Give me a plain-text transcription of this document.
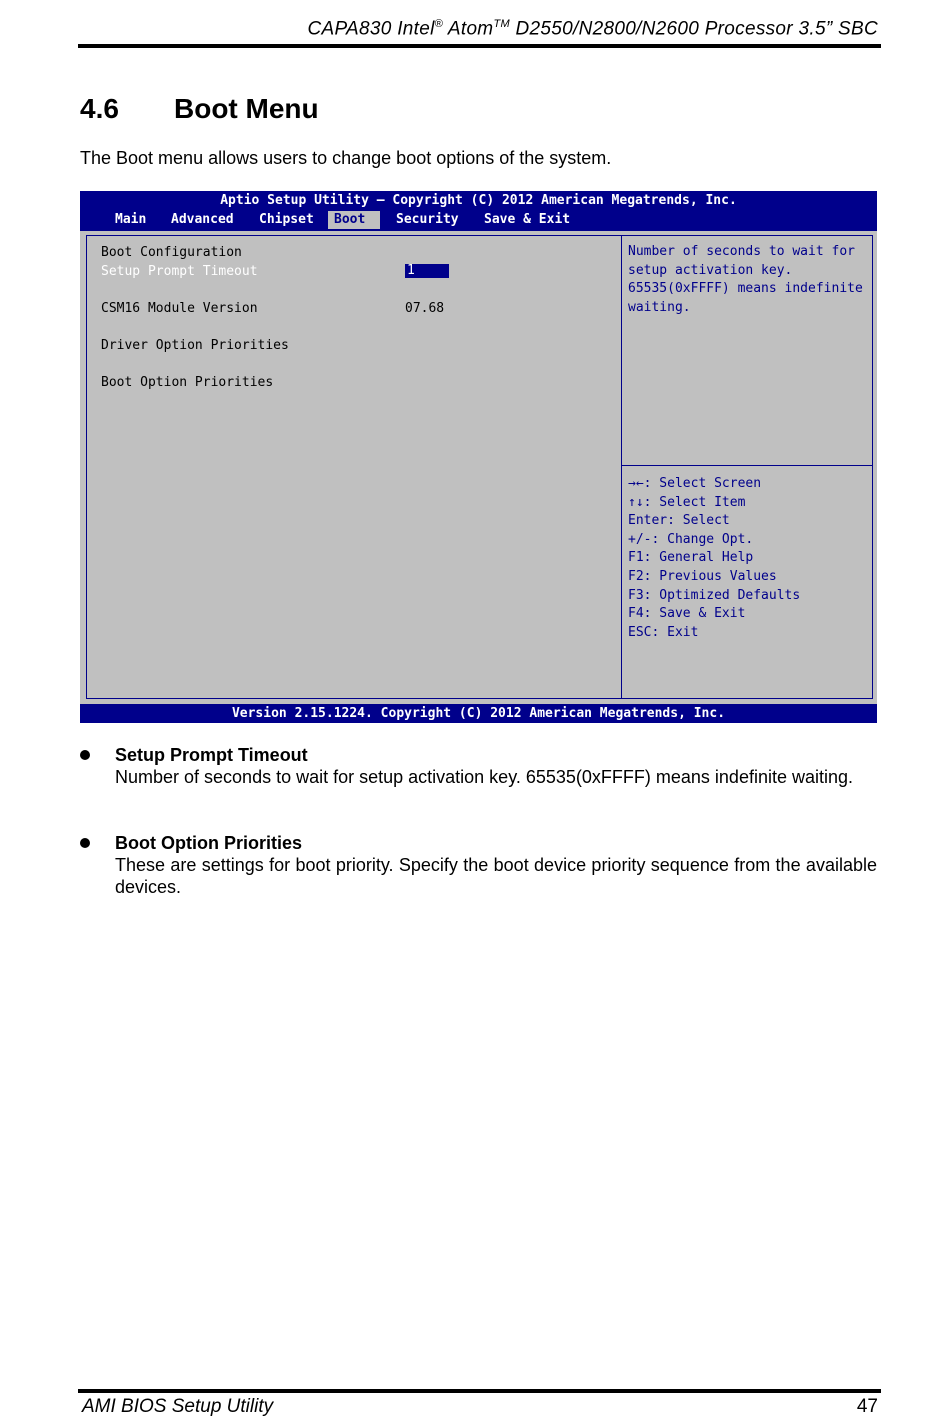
CAPA830 Intel® Atom™ D2550/N2800/N2600 Processor 3.5” SBC
4.6 Boot Menu
The Boot menu allows users to change boot options of the system.
Aptio Setup Utility – Copyright (C) 2012 American Megatrends, Inc.
Main	Advanced	Chipset	Boot	Security	Save & Exit
Boot Configuration
Setup Prompt Timeout	1
CSM16 Module Version	07.68
Driver Option Priorities
Boot Option Priorities
Number of seconds to wait for
setup activation key.
65535(0xFFFF) means indefinite
waiting.
→←: Select Screen
↑↓: Select Item
Enter: Select
+/-: Change Opt.
F1: General Help
F2: Previous Values
F3: Optimized Defaults
F4: Save & Exit
ESC: Exit
Version 2.15.1224. Copyright (C) 2012 American Megatrends, Inc.
Setup Prompt Timeout
Number of seconds to wait for setup activation key. 65535(0xFFFF) means indefinite waiting.
Boot Option Priorities
These are settings for boot priority. Specify the boot device priority sequence from the available devices.
AMI BIOS Setup Utility	47
